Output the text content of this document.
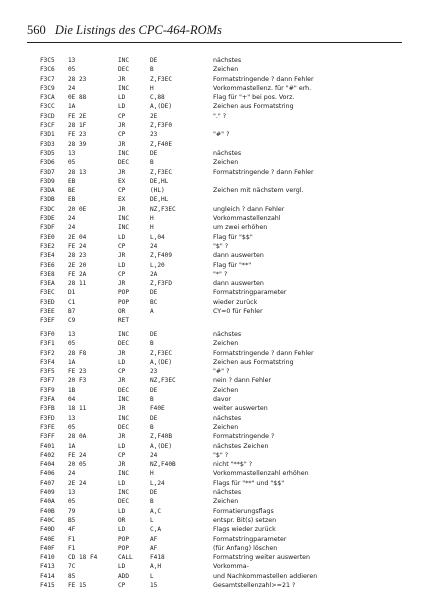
560 Die Listings des CPC-464-ROMs
F3C5 13	INC	DE	nächstes
F3C6 05	DEC	B	Zeichen
F3C7 28 23	JR	Z,F3EC	Formatstringende ? dann Fehler
F3C9 24	INC	H	Vorkommastellenz. für "#" erh.
F3CA 0E 88	LD	C,88	Flag für "+" bei pos. Vorz.
F3CC 1A	LD	A,(DE)	Zeichen aus Formatstring
F3CD FE 2E	CP	2E	"." ?
F3CF 28 1F	JR	Z,F3F0
F3D1 FE 23	CP	23	"#" ?
F3D3 28 39	JR	Z,F40E
F3D5 13	INC	DE	nächstes
F3D6 05	DEC	B	Zeichen
F3D7 28 13	JR	Z,F3EC	Formatstringende ? dann Fehler
F3D9 EB	EX	DE,HL
F3DA BE	CP	(HL)	Zeichen mit nächstem vergl.
F3DB EB	EX	DE,HL
F3DC 20 0E	JR	NZ,F3EC	ungleich ? dann Fehler
F3DE 24	INC	H	Vorkommastellenzahl
F3DF 24	INC	H	um zwei erhöhen
F3E0 2E 04	LD	L,04	Flag für "$$"
F3E2 FE 24	CP	24	"$" ?
F3E4 28 23	JR	Z,F409	dann auswerten
F3E6 2E 20	LD	L,20	Flag für "**"
F3E8 FE 2A	CP	2A	"*" ?
F3EA 28 11	JR	Z,F3FD	dann auswerten
F3EC D1	POP	DE	Formatstringparameter
F3ED C1	POP	BC	wieder zurück
F3EE B7	OR	A	CY=0 für Fehler
F3EF C9	RET
F3F0 13	INC	DE	nächstes
F3F1 05	DEC	B	Zeichen
F3F2 28 F8	JR	Z,F3EC	Formatstringende ? dann Fehler
F3F4 1A	LD	A,(DE)	Zeichen aus Formatstring
F3F5 FE 23	CP	23	"#" ?
F3F7 20 F3	JR	NZ,F3EC	nein ? dann Fehler
F3F9 1B	DEC	DE	Zeichen
F3FA 04	INC	B	davor
F3FB 18 11	JR	F40E	weiter auswerten
F3FD 13	INC	DE	nächstes
F3FE 05	DEC	B	Zeichen
F3FF 28 0A	JR	Z,F40B	Formatstringende ?
F401 1A	LD	A,(DE)	nächstes Zeichen
F402 FE 24	CP	24	"$" ?
F404 20 05	JR	NZ,F40B	nicht "**$" ?
F406 24	INC	H	Vorkommastellenzahl erhöhen
F407 2E 24	LD	L,24	Flags für "**" und "$$"
F409 13	INC	DE	nächstes
F40A 05	DEC	B	Zeichen
F40B 79	LD	A,C	Formatierungsflags
F40C B5	OR	L	entspr. Bit(s) setzen
F40D 4F	LD	C,A	Flags wieder zurück
F40E F1	POP	AF	Formatstringparameter
F40F F1	POP	AF	(für Anfang) löschen
F410 CD 18 F4	CALL	F418	Formatstring weiter auswerten
F413 7C	LD	A,H	Vorkomma-
F414 85	ADD	L	und Nachkommastellen addieren
F415 FE 15	CP	15	Gesamtstellenzahl>=21 ?
